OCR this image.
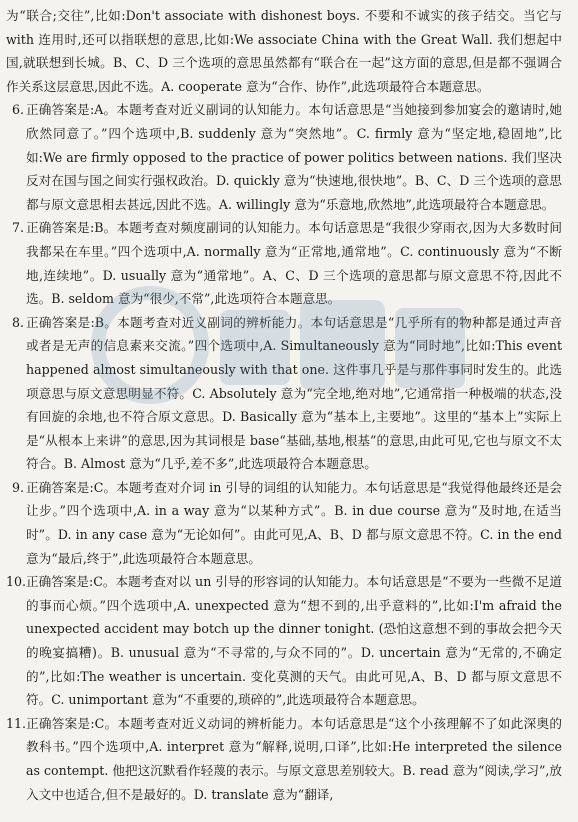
为“联合;交往”,比如:Don't associate with dishonest boys. 不要和不诚实的孩子结交。当它与 with 连用时,还可以指联想的意思,比如:We associate China with the Great Wall. 我们想起中国,就联想到长城。B、C、D 三个选项的意思虽然都有“联合在一起”这方面的意思,但是都不强调合作关系这层意思,因此不选。A. cooperate 意为“合作、协作”,此选项最符合本题意思。

6. 正确答案是:A。本题考查对近义副词的认知能力。本句话意思是“当她接到参加宴会的邀请时,她欣然同意了。”四个选项中,B. suddenly 意为“突然地”。C. firmly 意为“坚定地,稳固地”,比如:We are firmly opposed to the practice of power politics between nations. 我们坚决反对在国与国之间实行强权政治。D. quickly 意为“快速地,很快地”。B、C、D 三个选项的意思都与原文意思相去甚远,因此不选。A. willingly 意为“乐意地,欣然地”,此选项最符合本题意思。
7. 正确答案是:B。本题考查对频度副词的认知能力。本句话意思是“我很少穿雨衣,因为大多数时间我都呆在车里。”四个选项中,A. normally 意为“正常地,通常地”。C. continuously 意为“不断地,连续地”。D. usually 意为“通常地”。A、C、D 三个选项的意思都与原文意思不符,因此不选。B. seldom 意为“很少,不常”,此选项符合本题意思。
8. 正确答案是:B。本题考查对近义副词的辨析能力。本句话意思是“几乎所有的物种都是通过声音或者是无声的信息素来交流。”四个选项中,A. Simultaneously 意为“同时地”,比如:This event happened almost simultaneously with that one. 这件事几乎是与那件事同时发生的。此选项意思与原文意思明显不符。C. Absolutely 意为“完全地,绝对地”,它通常指一种极端的状态,没有回旋的余地,也不符合原文意思。D. Basically 意为“基本上,主要地”。这里的“基本上”实际上是“从根本上来讲”的意思,因为其词根是 base“基础,基地,根基”的意思,由此可见,它也与原文不太符合。B. Almost 意为“几乎,差不多”,此选项最符合本题意思。
9. 正确答案是:C。本题考查对介词 in 引导的词组的认知能力。本句话意思是“我觉得他最终还是会让步。”四个选项中,A. in a way 意为“以某种方式”。B. in due course 意为“及时地,在适当时”。D. in any case 意为“无论如何”。由此可见,A、B、D 都与原文意思不符。C. in the end 意为“最后,终于”,此选项最符合本题意思。
10. 正确答案是:C。本题考查对以 un 引导的形容词的认知能力。本句话意思是“不要为一些微不足道的事而心烦。”四个选项中,A. unexpected 意为“想不到的,出乎意料的”,比如:I'm afraid the unexpected accident may botch up the dinner tonight. (恐怕这意想不到的事故会把今天的晚宴搞糟)。B. unusual 意为“不寻常的,与众不同的”。D. uncertain 意为“无常的,不确定的”,比如:The weather is uncertain. 变化莫测的天气。由此可见,A、B、D 都与原文意思不符。C. unimportant 意为“不重要的,琐碎的”,此选项最符合本题意思。
11. 正确答案是:C。本题考查对近义动词的辨析能力。本句话意思是“这个小孩理解不了如此深奥的教科书。”四个选项中,A. interpret 意为“解释,说明,口译”,比如:He interpreted the silence as contempt. 他把这沉默看作轻蔑的表示。与原文意思差别较大。B. read 意为“阅读,学习”,放入文中也适合,但不是最好的。D. translate 意为“翻译,
